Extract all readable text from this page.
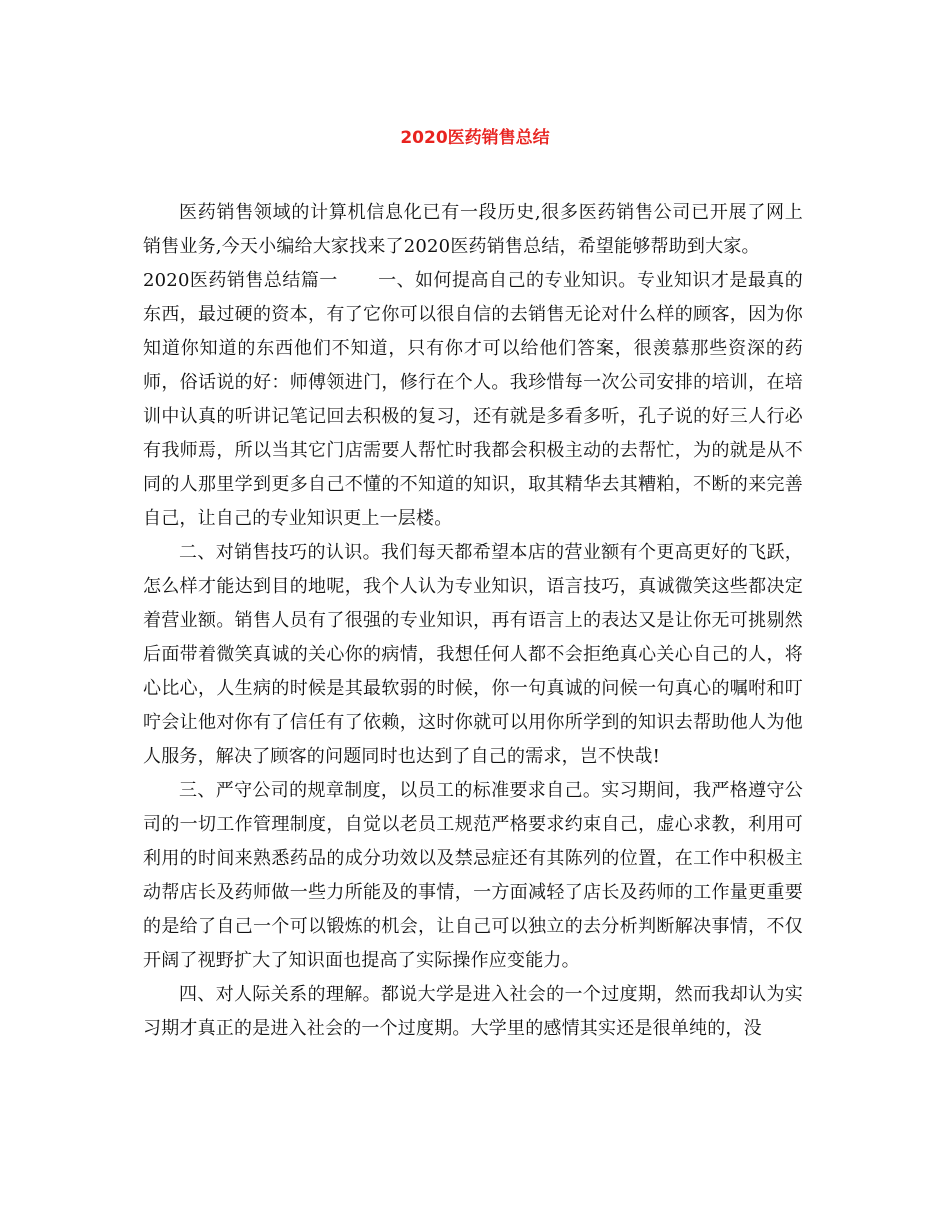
2020医药销售总结

医药销售领域的计算机信息化已有一段历史,很多医药销售公司已开展了网上销售业务,今天小编给大家找来了2020医药销售总结，希望能够帮助到大家。

2020医药销售总结篇一 一、如何提高自己的专业知识。专业知识才是最真的东西，最过硬的资本，有了它你可以很自信的去销售无论对什么样的顾客，因为你知道你知道的东西他们不知道，只有你才可以给他们答案，很羡慕那些资深的药师，俗话说的好：师傅领进门，修行在个人。我珍惜每一次公司安排的培训，在培训中认真的听讲记笔记回去积极的复习，还有就是多看多听，孔子说的好三人行必有我师焉，所以当其它门店需要人帮忙时我都会积极主动的去帮忙，为的就是从不同的人那里学到更多自己不懂的不知道的知识，取其精华去其糟粕，不断的来完善自己，让自己的专业知识更上一层楼。

二、对销售技巧的认识。我们每天都希望本店的营业额有个更高更好的飞跃，怎么样才能达到目的地呢，我个人认为专业知识，语言技巧，真诚微笑这些都决定着营业额。销售人员有了很强的专业知识，再有语言上的表达又是让你无可挑剔然后面带着微笑真诚的关心你的病情，我想任何人都不会拒绝真心关心自己的人，将心比心，人生病的时候是其最软弱的时候，你一句真诚的问候一句真心的嘱咐和叮咛会让他对你有了信任有了依赖，这时你就可以用你所学到的知识去帮助他人为他人服务，解决了顾客的问题同时也达到了自己的需求，岂不快哉!

三、严守公司的规章制度，以员工的标准要求自己。实习期间，我严格遵守公司的一切工作管理制度，自觉以老员工规范严格要求约束自己，虚心求教，利用可利用的时间来熟悉药品的成分功效以及禁忌症还有其陈列的位置，在工作中积极主动帮店长及药师做一些力所能及的事情，一方面减轻了店长及药师的工作量更重要的是给了自己一个可以锻炼的机会，让自己可以独立的去分析判断解决事情，不仅开阔了视野扩大了知识面也提高了实际操作应变能力。

四、对人际关系的理解。都说大学是进入社会的一个过度期，然而我却认为实习期才真正的是进入社会的一个过度期。大学里的感情其实还是很单纯的，没
